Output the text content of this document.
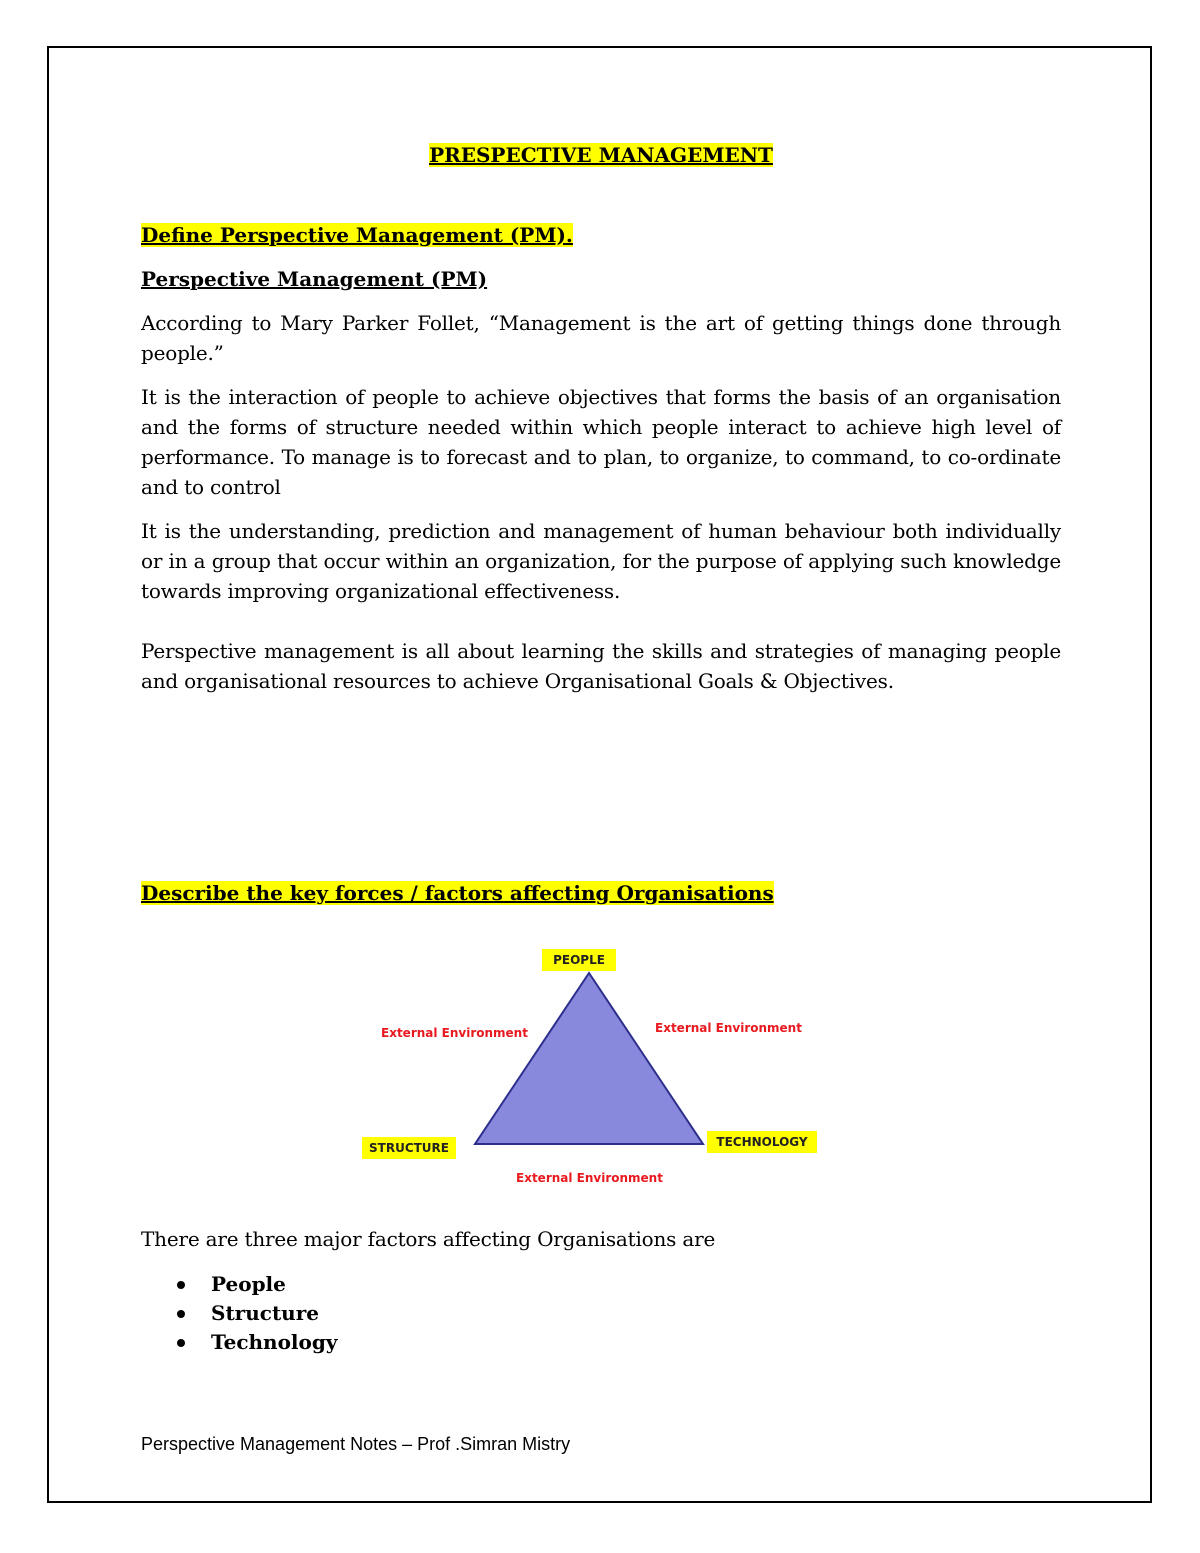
PRESPECTIVE MANAGEMENT
Define Perspective Management (PM).
Perspective Management (PM)

According to Mary Parker Follet, “Management is the art of getting things done through people.”

It is the interaction of people to achieve objectives that forms the basis of an organisation and the forms of structure needed within which people interact to achieve high level of performance. To manage is to forecast and to plan, to organize, to command, to co-ordinate and to control

It is the understanding, prediction and management of human behaviour both individually or in a group that occur within an organization, for the purpose of applying such knowledge towards improving organizational effectiveness.

Perspective management is all about learning the skills and strategies of managing people and organisational resources to achieve Organisational Goals & Objectives.

Describe the key forces / factors affecting Organisations
PEOPLE
STRUCTURE	TECHNOLOGY
External Environment	External Environment
External Environment

There are three major factors affecting Organisations are

People
Structure
Technology
Perspective Management Notes – Prof .Simran Mistry
